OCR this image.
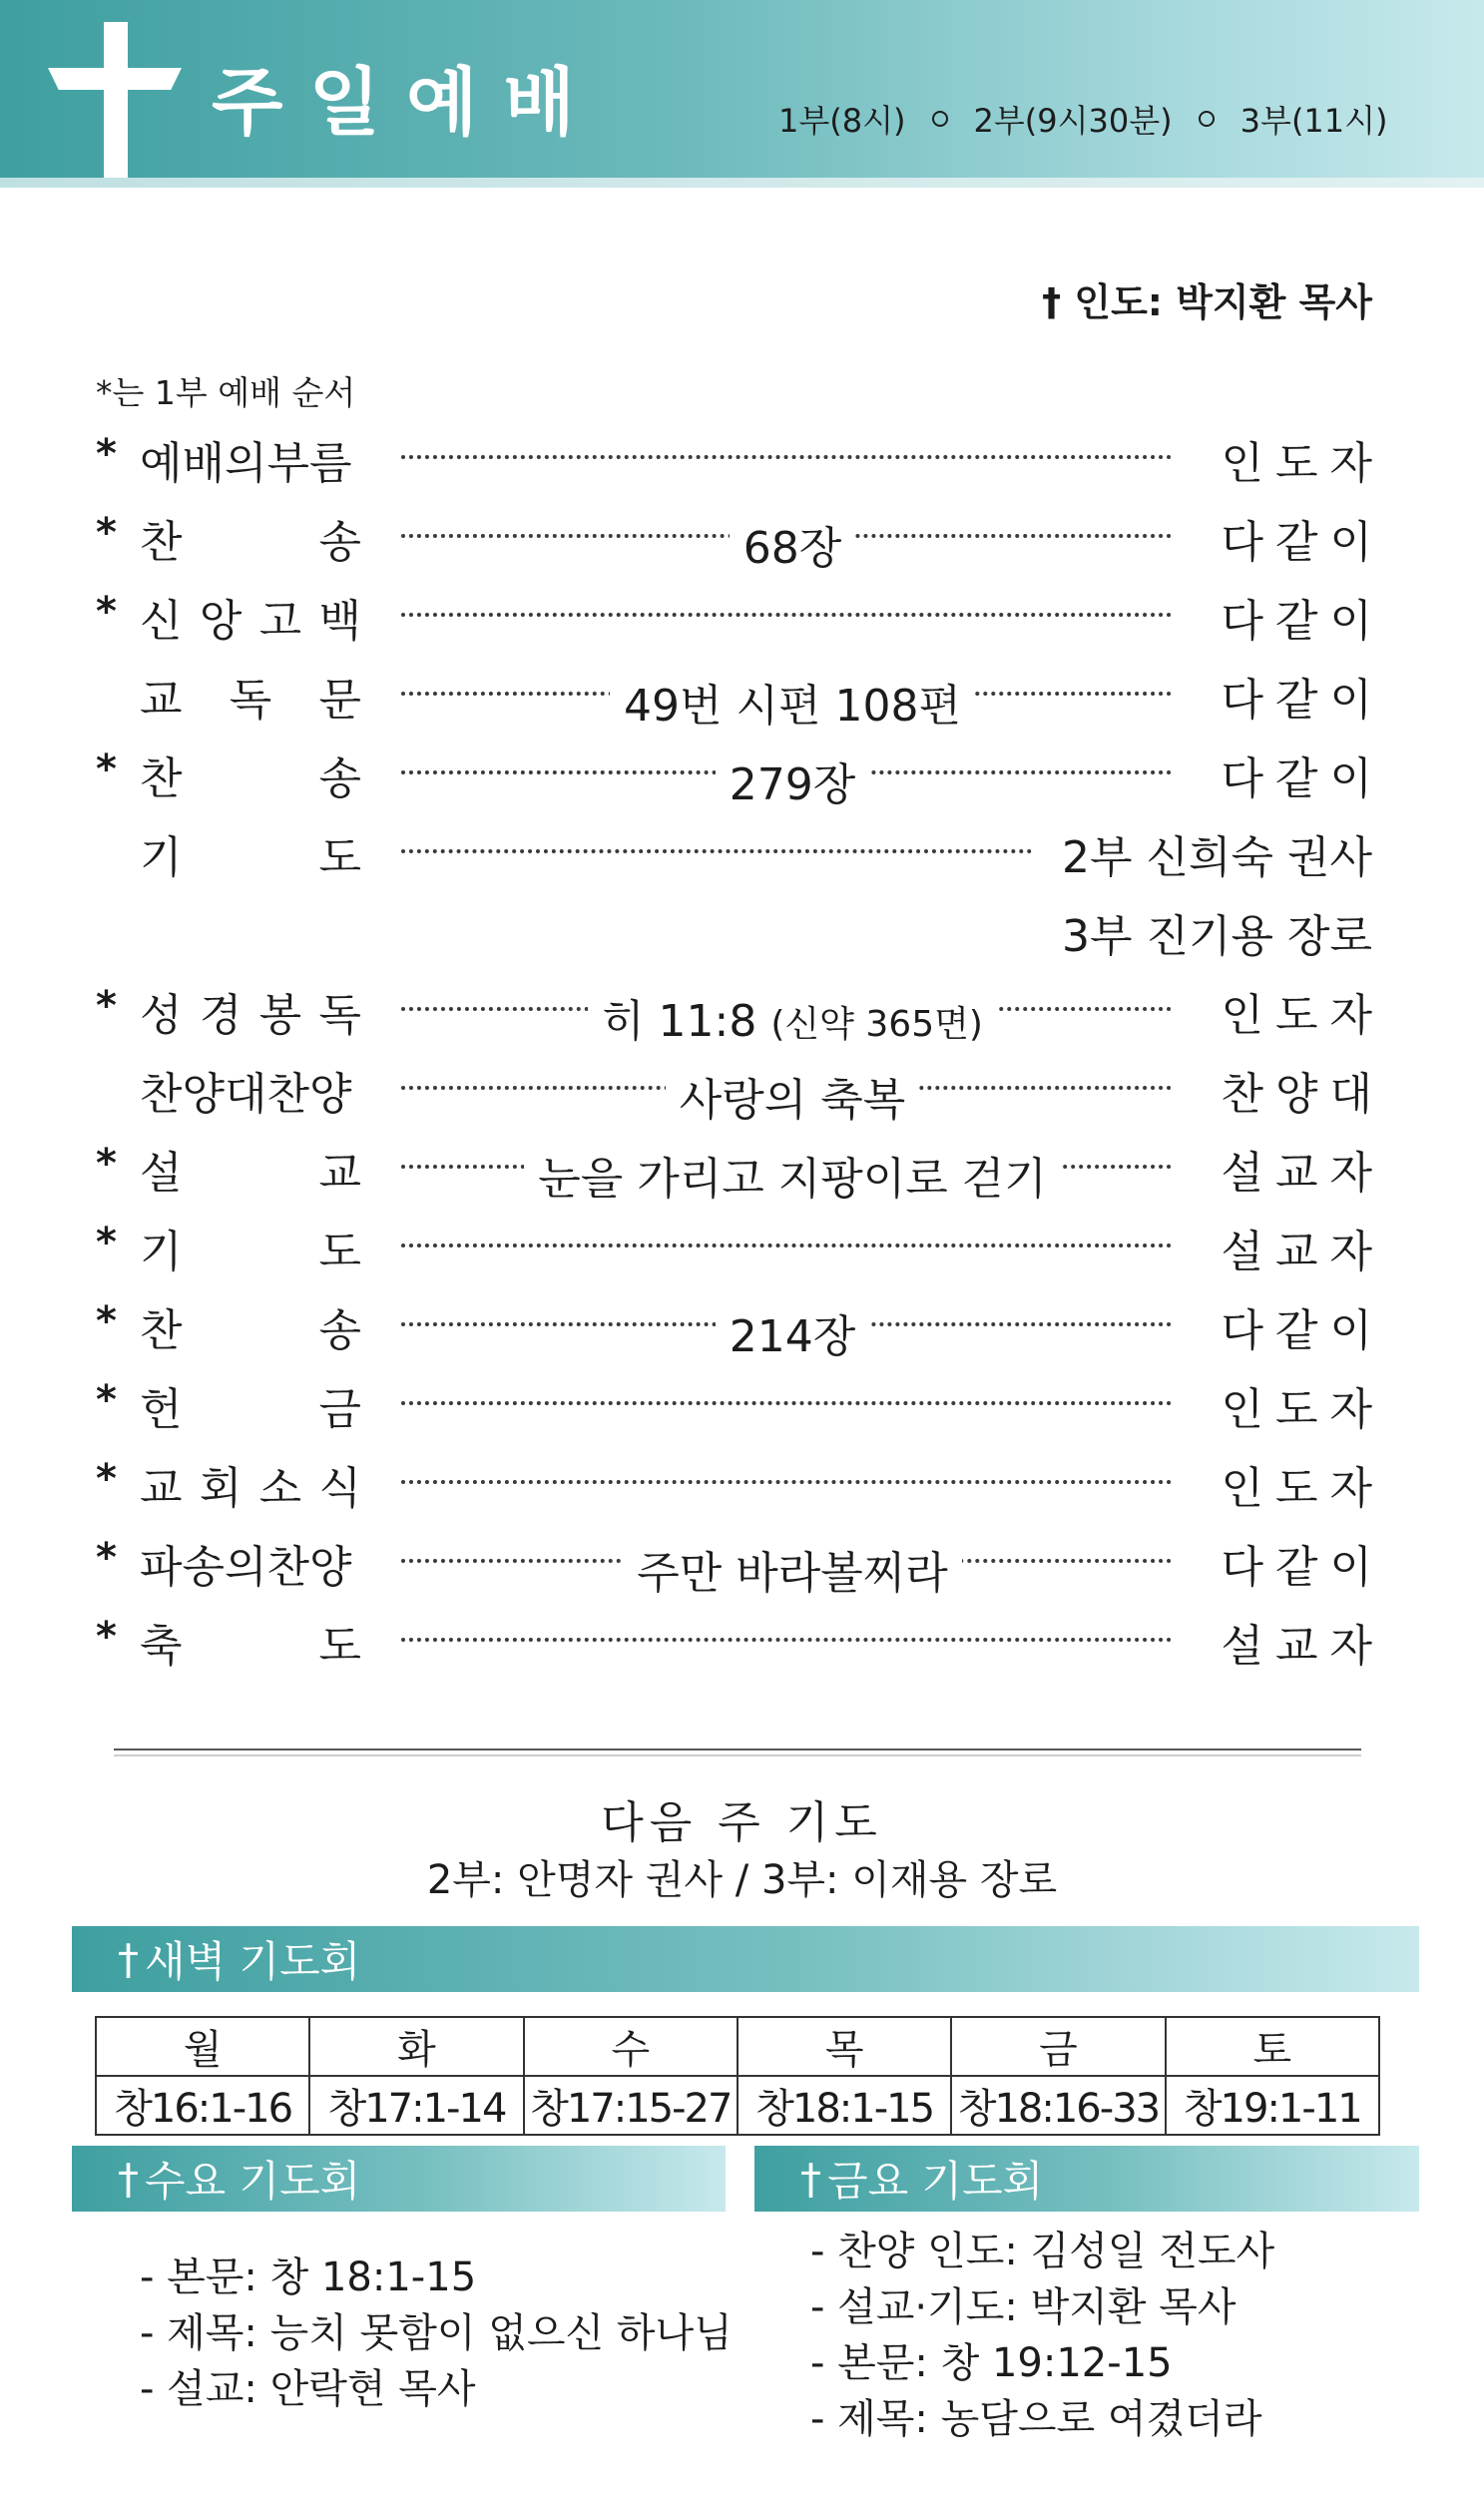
주일예배	1부(8시) 2부(9시30분) 3부(11시)
† 인도: 박지환 목사
*는 1부 예배 순서
* 예배의부름	인도자
* 찬	송	68장	다같이
* 신 앙 고 백	다같이
교 독 문	49번 시편 108편	다같이
* 찬	송	279장	다같이
기	도	2부 신희숙 권사
3부 진기용 장로
* 성 경 봉 독	히 11:8 (신약 365면)	인도자
찬양대찬양	사랑의 축복	찬양대
* 설	교	눈을 가리고 지팡이로 걷기	설교자
* 기	도	설교자
* 찬	송	214장	다같이
* 헌	금	인도자
* 교 회 소 식	인도자
* 파송의찬양	주만 바라볼찌라	다같이
* 축	도	설교자
다음 주 기도
2부: 안명자 권사 / 3부: 이재용 장로
† 새벽 기도회
월	화	수	목	금	토
창16:1-16	창17:1-14	창17:15-27	창18:1-15	창18:16-33	창19:1-11
† 수요 기도회	† 금요 기도회
- 본문: 창 18:1-15
- 제목: 능치 못함이 없으신 하나님
- 설교: 안락현 목사
- 찬양 인도: 김성일 전도사
- 설교·기도: 박지환 목사
- 본문: 창 19:12-15
- 제목: 농담으로 여겼더라
